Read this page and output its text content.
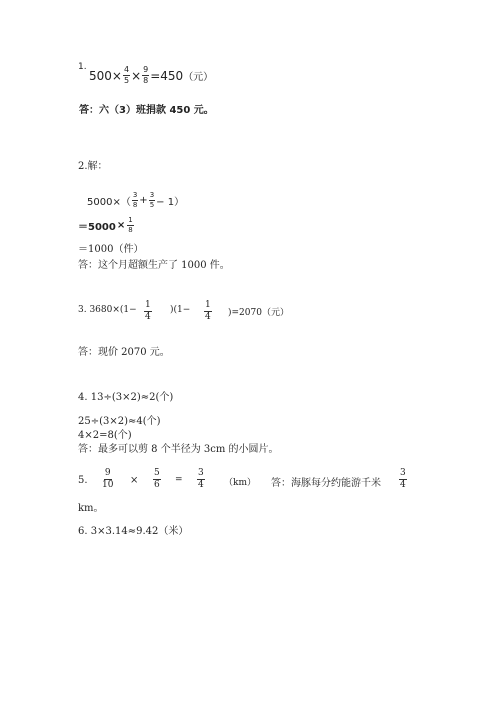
1.
$500\times \frac{4}{5} \times \frac{9}{8} =450$ （元）
答：六（3）班捐款 450 元。
2.解：
$5000\times( \frac{3}{8} + \frac{3}{5} - 1)$
$=5000 \times \frac{1}{8}$
＝1000（件）
答：这个月超额生产了 1000 件。
3. $3680\times(1- \frac{1}{4} )(1- \frac{1}{4} )=2070$（元）
答：现价 2070 元。
4. 13÷(3×2)≈2(个)
25÷(3×2)≈4(个)
4×2=8(个)
答：最多可以剪 8 个半径为 3cm 的小圆片。
5. $\frac{9}{10} \times \frac{5}{6} = \frac{3}{4} (km)$ 答：海豚每分约能游千米 $\frac{3}{4}$
km。
6. 3×3.14≈9.42（米）
